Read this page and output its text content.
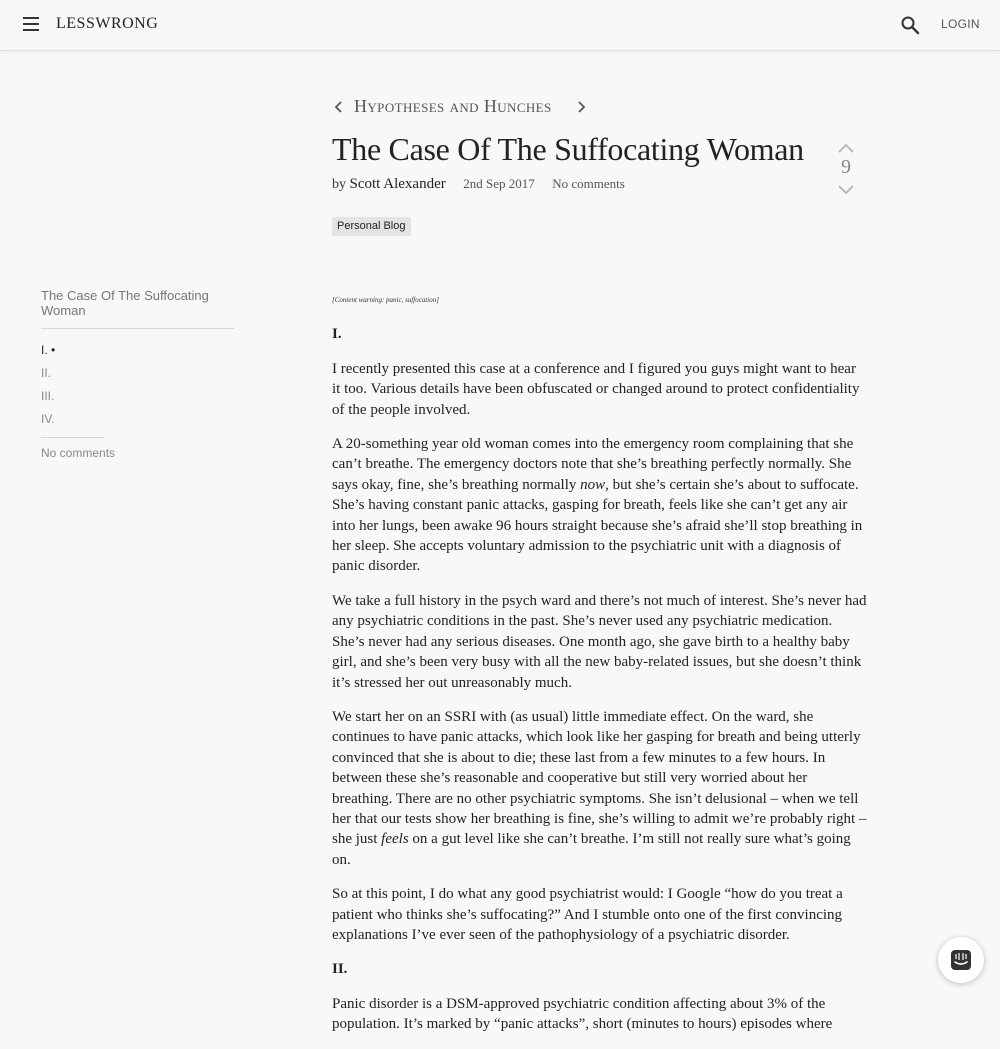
LESSWRONG	LOGIN
Hypotheses and Hunches
The Case Of The Suffocating Woman
by Scott Alexander 2nd Sep 2017 No comments
9
Personal Blog
The Case Of The Suffocating Woman
I. •
II.
III.
IV.
No comments

[Content warning: panic, suffocation]

I.

I recently presented this case at a conference and I figured you guys might want to hear it too. Various details have been obfuscated or changed around to protect confidentiality of the people involved.

A 20-something year old woman comes into the emergency room complaining that she can’t breathe. The emergency doctors note that she’s breathing perfectly normally. She says okay, fine, she’s breathing normally now, but she’s certain she’s about to suffocate. She’s having constant panic attacks, gasping for breath, feels like she can’t get any air into her lungs, been awake 96 hours straight because she’s afraid she’ll stop breathing in her sleep. She accepts voluntary admission to the psychiatric unit with a diagnosis of panic disorder.

We take a full history in the psych ward and there’s not much of interest. She’s never had any psychiatric conditions in the past. She’s never used any psychiatric medication. She’s never had any serious diseases. One month ago, she gave birth to a healthy baby girl, and she’s been very busy with all the new baby-related issues, but she doesn’t think it’s stressed her out unreasonably much.

We start her on an SSRI with (as usual) little immediate effect. On the ward, she continues to have panic attacks, which look like her gasping for breath and being utterly convinced that she is about to die; these last from a few minutes to a few hours. In between these she’s reasonable and cooperative but still very worried about her breathing. There are no other psychiatric symptoms. She isn’t delusional – when we tell her that our tests show her breathing is fine, she’s willing to admit we’re probably right – she just feels on a gut level like she can’t breathe. I’m still not really sure what’s going on.

So at this point, I do what any good psychiatrist would: I Google “how do you treat a patient who thinks she’s suffocating?” And I stumble onto one of the first convincing explanations I’ve ever seen of the pathophysiology of a psychiatric disorder.

II.

Panic disorder is a DSM-approved psychiatric condition affecting about 3% of the population. It’s marked by “panic attacks”, short (minutes to hours) episodes where
